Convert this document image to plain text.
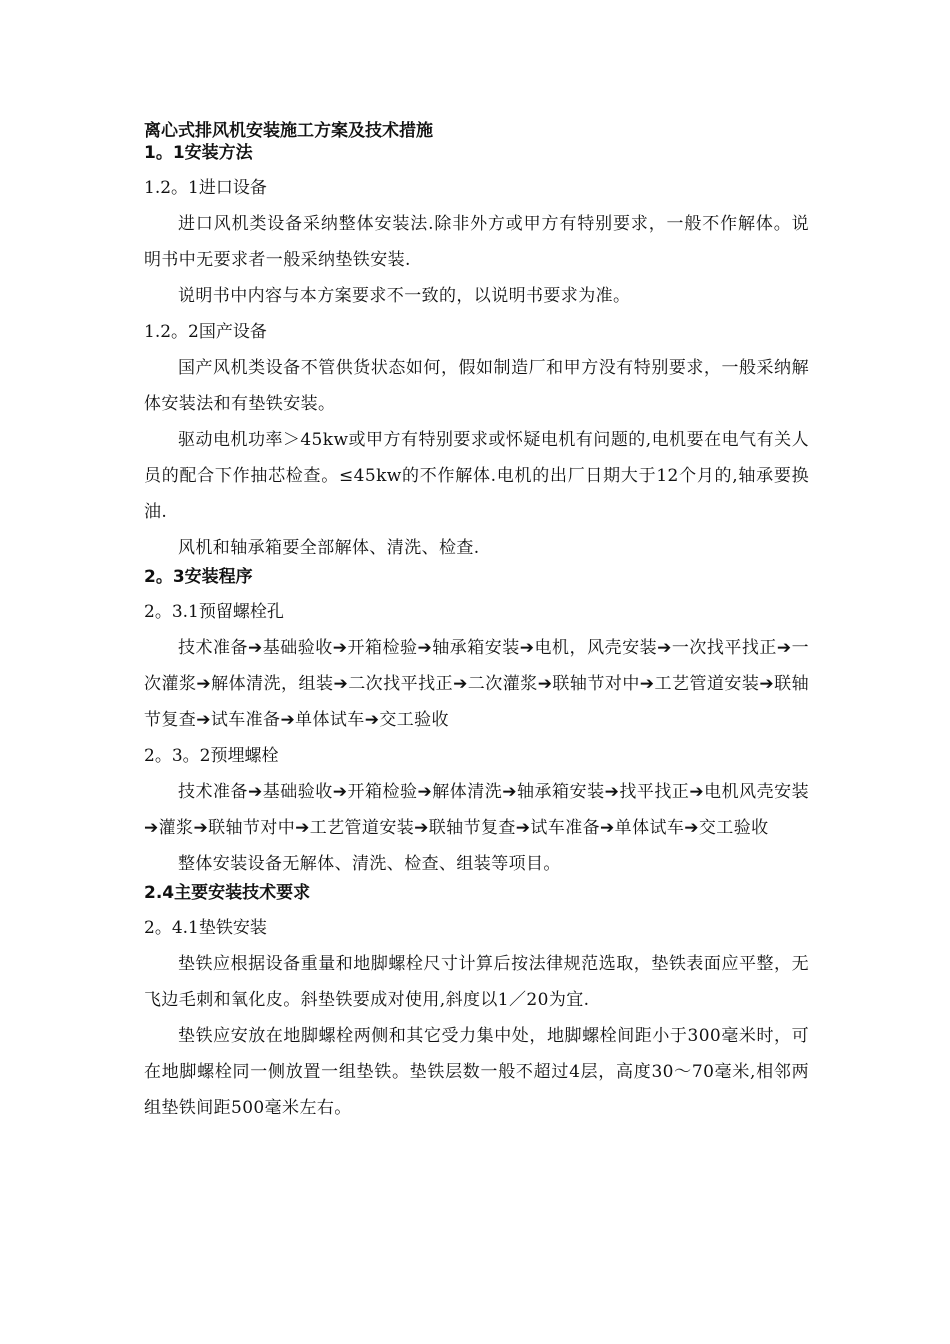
离心式排风机安装施工方案及技术措施
1。1安装方法
1.2。1进口设备
进口风机类设备采纳整体安装法.除非外方或甲方有特别要求，一般不作解体。说明书中无要求者一般采纳垫铁安装.
说明书中内容与本方案要求不一致的，以说明书要求为准。
1.2。2国产设备
国产风机类设备不管供货状态如何，假如制造厂和甲方没有特别要求，一般采纳解体安装法和有垫铁安装。
驱动电机功率＞45kw或甲方有特别要求或怀疑电机有问题的,电机要在电气有关人员的配合下作抽芯检查。≤45kw的不作解体.电机的出厂日期大于12个月的,轴承要换油.
风机和轴承箱要全部解体、清洗、检查.
2。3安装程序
2。3.1预留螺栓孔
技术准备➔基础验收➔开箱检验➔轴承箱安装➔电机，风壳安装➔一次找平找正➔一次灌浆➔解体清洗，组装➔二次找平找正➔二次灌浆➔联轴节对中➔工艺管道安装➔联轴节复查➔试车准备➔单体试车➔交工验收
2。3。2预埋螺栓
技术准备➔基础验收➔开箱检验➔解体清洗➔轴承箱安装➔找平找正➔电机风壳安装➔灌浆➔联轴节对中➔工艺管道安装➔联轴节复查➔试车准备➔单体试车➔交工验收
整体安装设备无解体、清洗、检查、组装等项目。
2.4主要安装技术要求
2。4.1垫铁安装
垫铁应根据设备重量和地脚螺栓尺寸计算后按法律规范选取，垫铁表面应平整，无飞边毛刺和氧化皮。斜垫铁要成对使用,斜度以1／20为宜.
垫铁应安放在地脚螺栓两侧和其它受力集中处，地脚螺栓间距小于300毫米时，可在地脚螺栓同一侧放置一组垫铁。垫铁层数一般不超过4层，高度30～70毫米,相邻两组垫铁间距500毫米左右。
